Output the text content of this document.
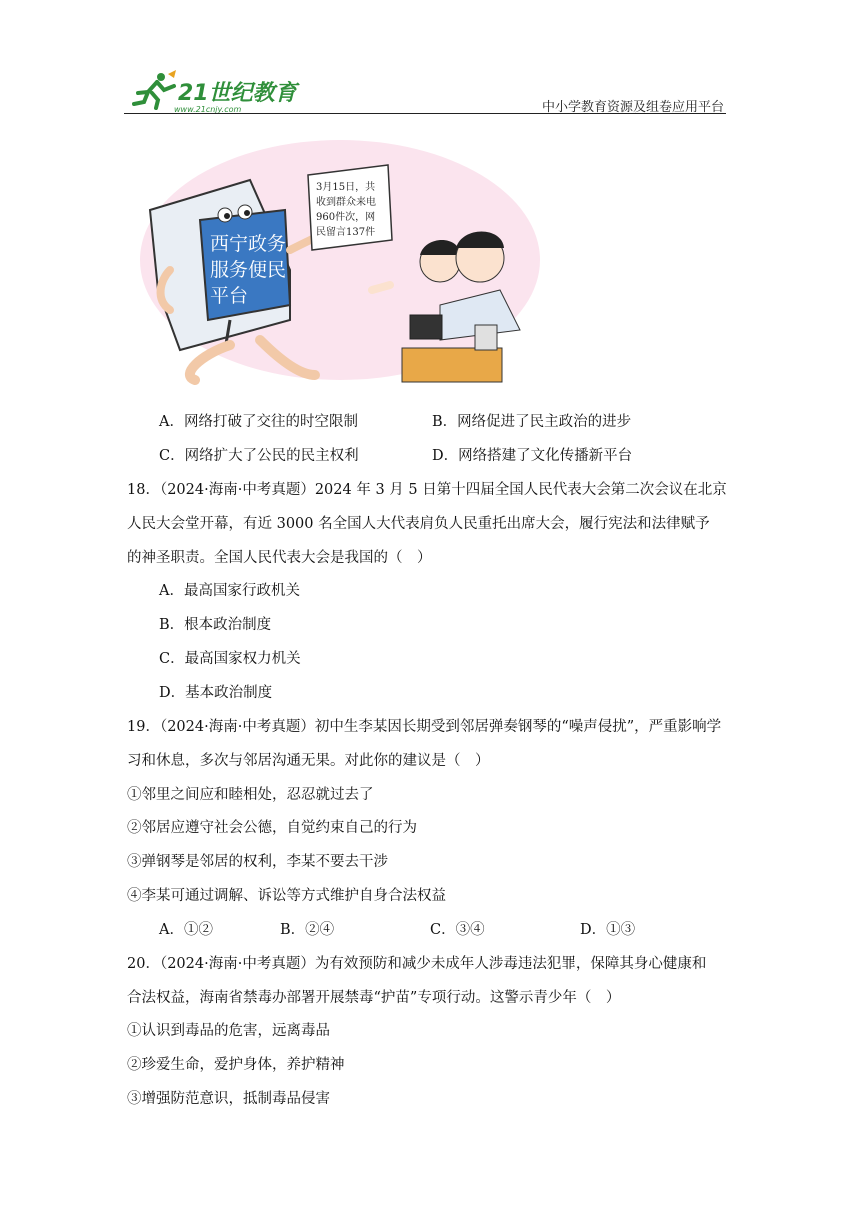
21世纪教育
www.21cnjy.com	中小学教育资源及组卷应用平台
西宁政务
服务便民
平台
3月15日，共
收到群众来电
960件次，网
民留言137件
A．网络打破了交往的时空限制	B．网络促进了民主政治的进步
C．网络扩大了公民的民主权利	D．网络搭建了文化传播新平台
18．（2024·海南·中考真题）2024 年 3 月 5 日第十四届全国人民代表大会第二次会议在北京
人民大会堂开幕，有近 3000 名全国人大代表肩负人民重托出席大会，履行宪法和法律赋予
的神圣职责。全国人民代表大会是我国的（　）
A．最高国家行政机关
B．根本政治制度
C．最高国家权力机关
D．基本政治制度
19．（2024·海南·中考真题）初中生李某因长期受到邻居弹奏钢琴的“噪声侵扰”，严重影响学
习和休息，多次与邻居沟通无果。对此你的建议是（　）
①邻里之间应和睦相处，忍忍就过去了
②邻居应遵守社会公德，自觉约束自己的行为
③弹钢琴是邻居的权利，李某不要去干涉
④李某可通过调解、诉讼等方式维护自身合法权益
A．①②	B．②④	C．③④	D．①③
20．（2024·海南·中考真题）为有效预防和减少未成年人涉毒违法犯罪，保障其身心健康和
合法权益，海南省禁毒办部署开展禁毒“护苗”专项行动。这警示青少年（　）
①认识到毒品的危害，远离毒品
②珍爱生命，爱护身体，养护精神
③增强防范意识，抵制毒品侵害
